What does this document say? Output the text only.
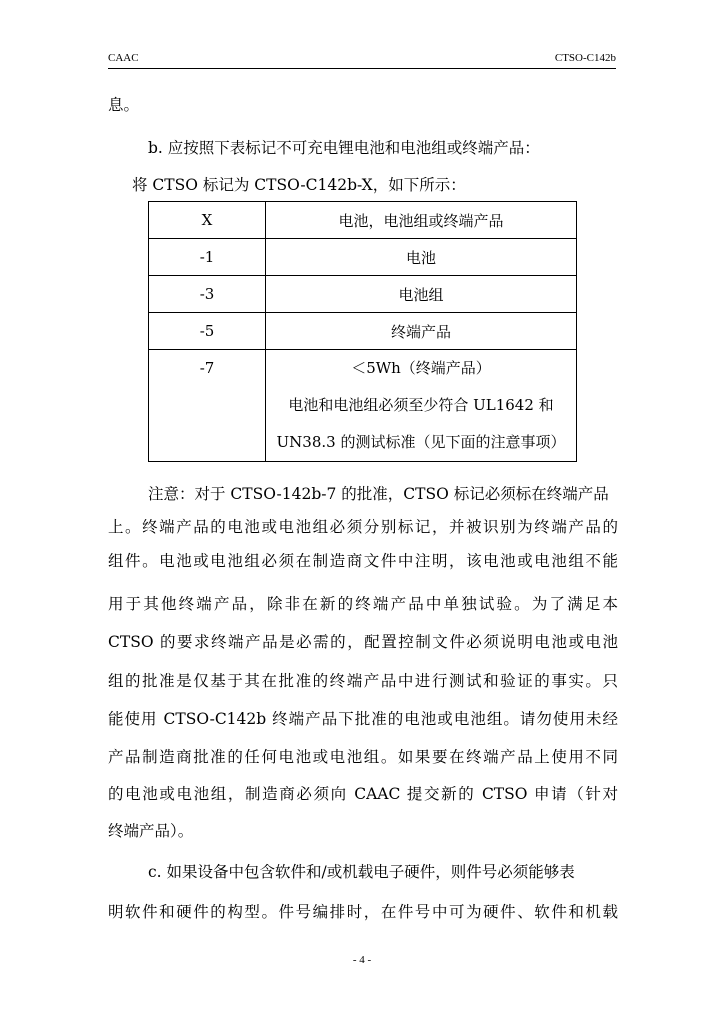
CAAC	CTSO-C142b
息。
b. 应按照下表标记不可充电锂电池和电池组或终端产品：
将 CTSO 标记为 CTSO-C142b-X，如下所示：
X	电池，电池组或终端产品
-1	电池
-3	电池组
-5	终端产品
-7	＜5Wh（终端产品）
电池和电池组必须至少符合 UL1642 和
UN38.3 的测试标准（见下面的注意事项）
注意：对于 CTSO-142b-7 的批准，CTSO 标记必须标在终端产品
上。终端产品的电池或电池组必须分别标记，并被识别为终端产品的
组件。电池或电池组必须在制造商文件中注明，该电池或电池组不能
用于其他终端产品，除非在新的终端产品中单独试验。为了满足本
CTSO 的要求终端产品是必需的，配置控制文件必须说明电池或电池
组的批准是仅基于其在批准的终端产品中进行测试和验证的事实。只
能使用 CTSO-C142b 终端产品下批准的电池或电池组。请勿使用未经
产品制造商批准的任何电池或电池组。如果要在终端产品上使用不同
的电池或电池组，制造商必须向 CAAC 提交新的 CTSO 申请（针对
终端产品）。
c. 如果设备中包含软件和/或机载电子硬件，则件号必须能够表
明软件和硬件的构型。件号编排时，在件号中可为硬件、软件和机载
- 4 -
